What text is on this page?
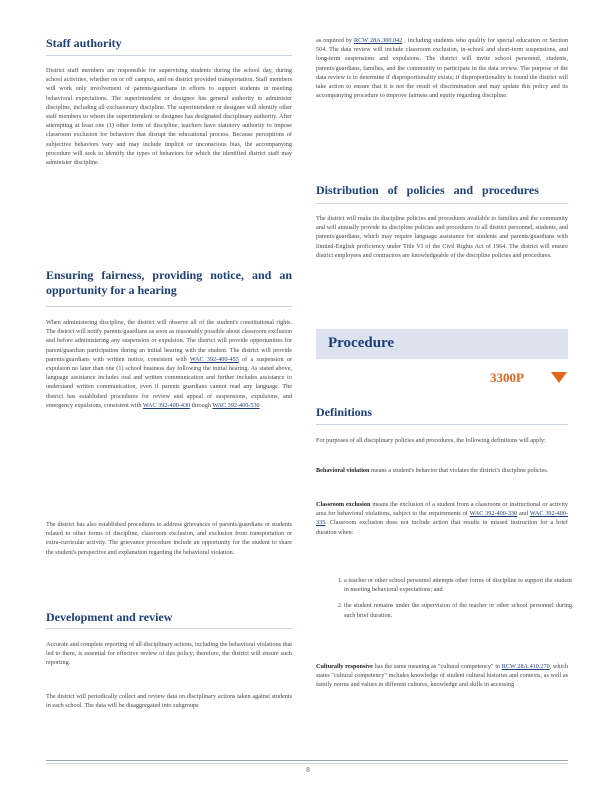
Staff authority

District staff members are responsible for supervising students during the school day, during school activities, whether on or off campus, and on district provided transportation. Staff members will work only involvement of parents/guardians in efforts to support students in meeting behavioral expectations. The superintendent or designee has general authority to administer discipline, including all exclusionary discipline. The superintendent or designee will identify other staff members to whom the superintendent or designee has designated disciplinary authority. After attempting at least one (1) other form of discipline, teachers have statutory authority to impose classroom exclusion for behaviors that disrupt the educational process. Because perceptions of subjective behaviors vary and may include implicit or unconscious bias, the accompanying procedure will seek to identify the types of behaviors for which the identified district staff may administer discipline.

Ensuring fairness, providing notice, and an opportunity for a hearing

When administering discipline, the district will observe all of the student's constitutional rights. The district will notify parents/guardians as soon as reasonably possible about classroom exclusion and before administering any suspension or expulsion. The district will provide opportunities for parent/guardian participation during an initial hearing with the student. The district will provide parents/guardians with written notice, consistent with WAC 392-400-455 of a suspension or expulsion no later than one (1) school business day following the initial hearing. As stated above, language assistance includes oral and written communication and further includes assistance to understand written communication, even if parents guardians cannot read any language. The district has established procedures for review and appeal of suspensions, expulsions, and emergency expulsions, consistent with WAC 392-400-430 through WAC 392-400-530

The district has also established procedures to address grievances of parents/guardians or students related to other forms of discipline, classroom exclusion, and exclusion from transportation or extra-curricular activity. The grievance procedure include an opportunity for the student to share the student's perspective and explanation regarding the behavioral violation.

Development and review

Accurate and complete reporting of all disciplinary actions, including the behavioral violations that led to them, is essential for effective review of this policy; therefore, the district will ensure such reporting.

The district will periodically collect and review data on disciplinary actions taken against students in each school. The data will be disaggregated into subgroups

as required by RCW 28A.300.042 , including students who qualify for special education or Section 504. The data review will include classroom exclusion, in-school and short-term suspensions, and long-term suspensions and expulsions. The district will invite school personnel, students, parents/guardians, families, and the community to participate in the data review. The purpose of the data review is to determine if disproportionality exists; if disproportionality is found the district will take action to ensure that it is not the result of discrimination and may update this policy and its accompanying procedure to improve fairness and equity regarding discipline.

Distribution of policies and procedures

The district will make its discipline policies and procedures available to families and the community and will annually provide its discipline policies and procedures to all district personnel, students, and parents/guardians, which may require language assistance for students and parents/guardians with limited-English proficiency under Title VI of the Civil Rights Act of 1964. The district will ensure district employees and contractors are knowledgeable of the discipline policies and procedures.

Definitions

For purposes of all disciplinary policies and procedures, the following definitions will apply:

Behavioral violation means a student's behavior that violates the district's discipline policies.

Classroom exclusion means the exclusion of a student from a classroom or instructional or activity area for behavioral violations, subject to the requirements of WAC 392-400-330 and WAC 392-400-335. Classroom exclusion does not include action that results in missed instruction for a brief duration when:

1. a teacher or other school personnel attempts other forms of discipline to support the student in meeting behavioral expectations; and
2. the student remains under the supervision of the teacher or other school personnel during such brief duration.

Culturally responsive has the same meaning as "cultural competency" in RCW 28A.410.270, which states "cultural competency" includes knowledge of student cultural histories and contexts, as well as family norms and values in different cultures, knowledge and skills in accessing

Procedure
3300P
8
